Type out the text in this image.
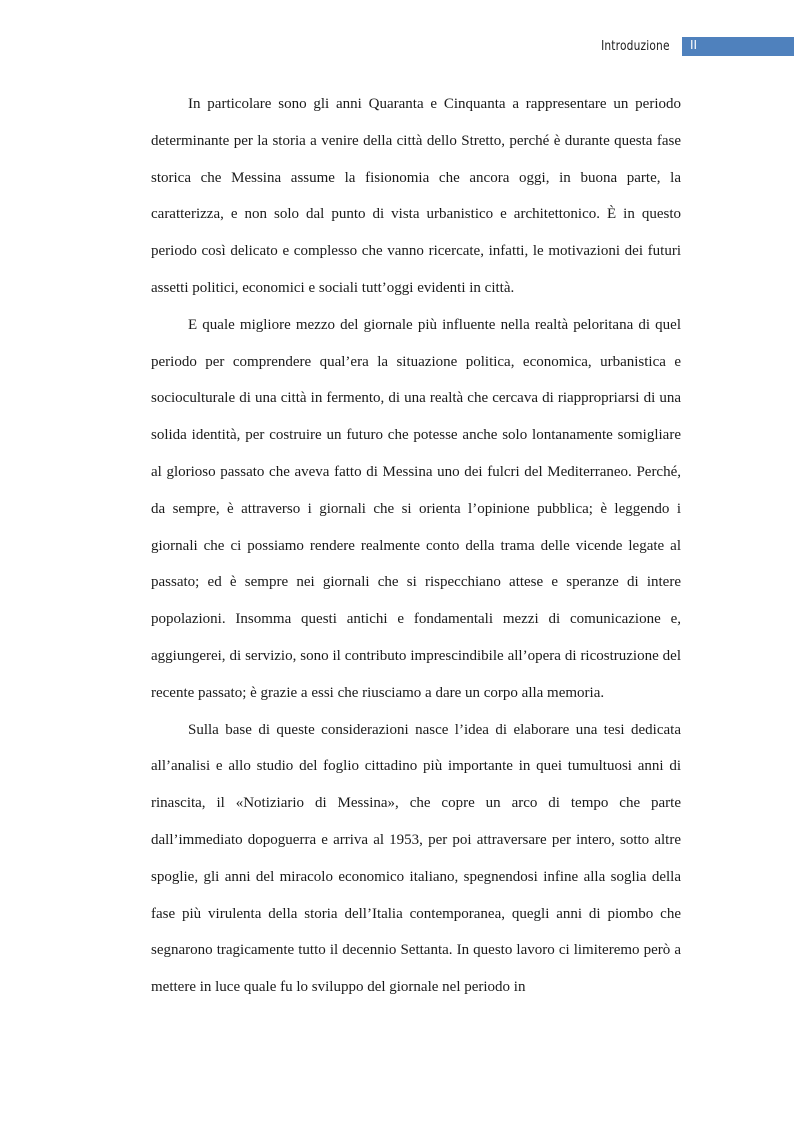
Introduzione II

In particolare sono gli anni Quaranta e Cinquanta a rappresentare un periodo determinante per la storia a venire della città dello Stretto, perché è durante questa fase storica che Messina assume la fisionomia che ancora oggi, in buona parte, la caratterizza, e non solo dal punto di vista urbanistico e architettonico. È in questo periodo così delicato e complesso che vanno ricercate, infatti, le motivazioni dei futuri assetti politici, economici e sociali tutt’oggi evidenti in città.

E quale migliore mezzo del giornale più influente nella realtà peloritana di quel periodo per comprendere qual’era la situazione politica, economica, urbanistica e socioculturale di una città in fermento, di una realtà che cercava di riappropriarsi di una solida identità, per costruire un futuro che potesse anche solo lontanamente somigliare al glorioso passato che aveva fatto di Messina uno dei fulcri del Mediterraneo. Perché, da sempre, è attraverso i giornali che si orienta l’opinione pubblica; è leggendo i giornali che ci possiamo rendere realmente conto della trama delle vicende legate al passato; ed è sempre nei giornali che si rispecchiano attese e speranze di intere popolazioni. Insomma questi antichi e fondamentali mezzi di comunicazione e, aggiungerei, di servizio, sono il contributo imprescindibile all’opera di ricostruzione del recente passato; è grazie a essi che riusciamo a dare un corpo alla memoria.

Sulla base di queste considerazioni nasce l’idea di elaborare una tesi dedicata all’analisi e allo studio del foglio cittadino più importante in quei tumultuosi anni di rinascita, il «Notiziario di Messina», che copre un arco di tempo che parte dall’immediato dopoguerra e arriva al 1953, per poi attraversare per intero, sotto altre spoglie, gli anni del miracolo economico italiano, spegnendosi infine alla soglia della fase più virulenta della storia dell’Italia contemporanea, quegli anni di piombo che segnarono tragicamente tutto il decennio Settanta. In questo lavoro ci limiteremo però a mettere in luce quale fu lo sviluppo del giornale nel periodo in
